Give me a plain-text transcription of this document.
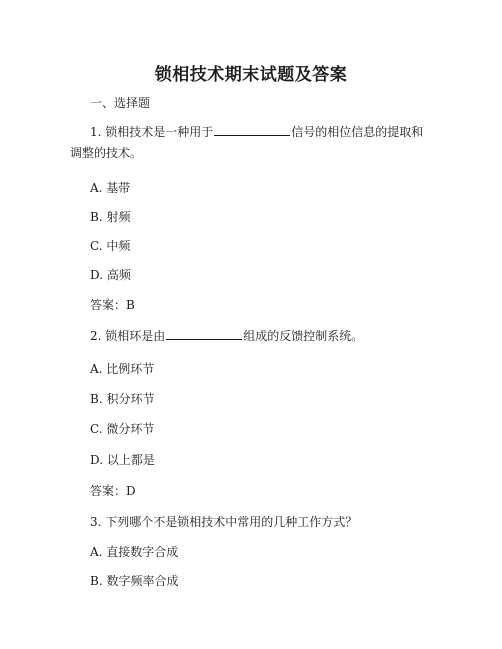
锁相技术期末试题及答案
一、选择题
1. 锁相技术是一种用于	信号的相位信息的提取和调整的技术。
A. 基带
B. 射频
C. 中频
D. 高频
答案：B
2. 锁相环是由	组成的反馈控制系统。
A. 比例环节
B. 积分环节
C. 微分环节
D. 以上都是
答案：D
3. 下列哪个不是锁相技术中常用的几种工作方式？
A. 直接数字合成
B. 数字频率合成
